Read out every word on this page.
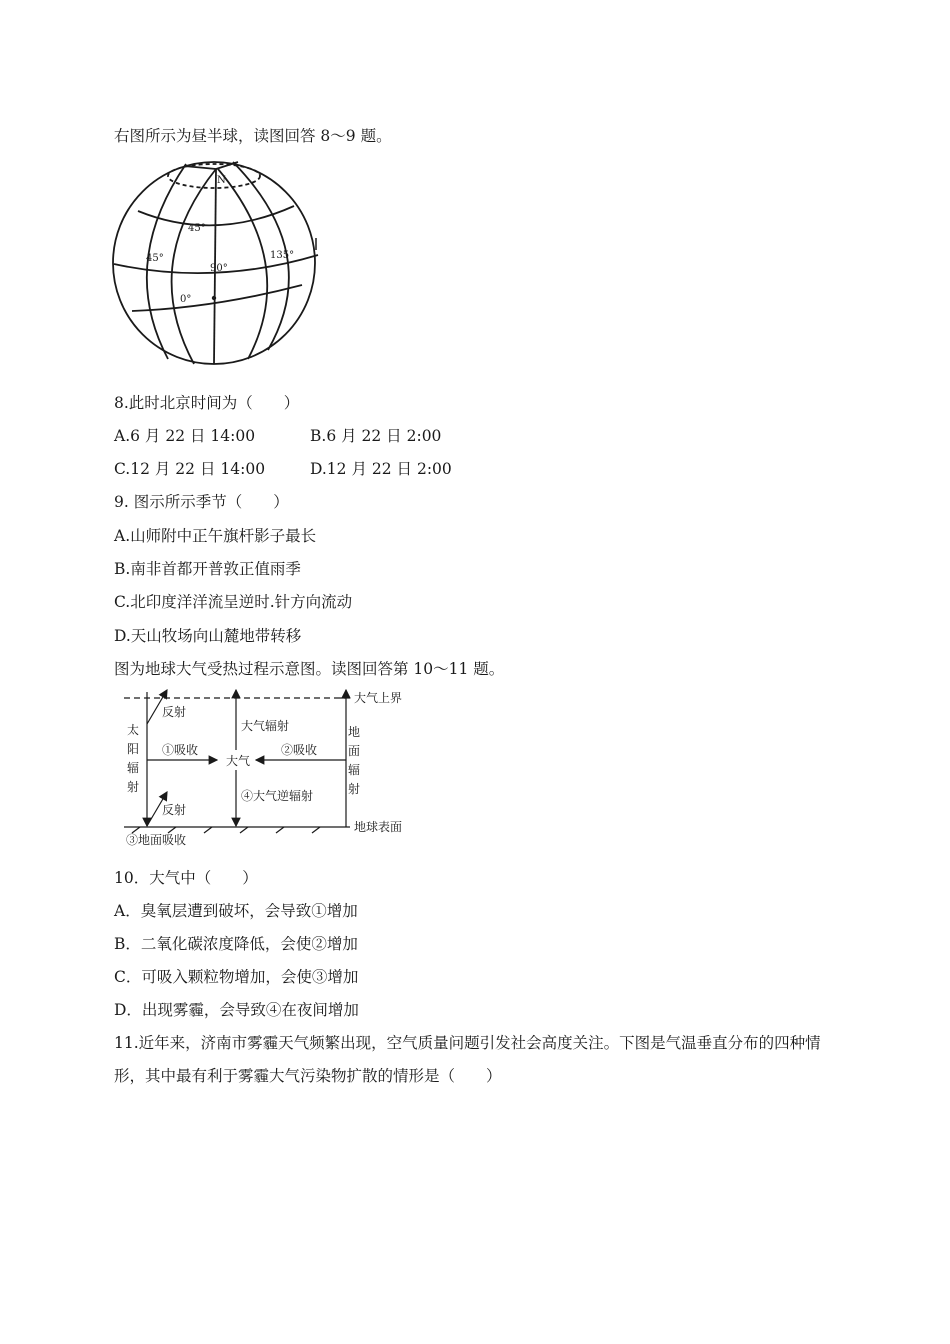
右图所示为昼半球，读图回答 8～9 题。
N
45°
45°
90°
135°
0°
8.此时北京时间为（　　）
A.6 月 22 日 14:00	B.6 月 22 日 2:00
C.12 月 22 日 14:00	D.12 月 22 日 2:00
9. 图示所示季节（　　）
A.山师附中正午旗杆影子最长
B.南非首都开普敦正值雨季
C.北印度洋洋流呈逆时.针方向流动
D.天山牧场向山麓地带转移
图为地球大气受热过程示意图。读图回答第 10～11 题。
大气上界
太
阳
辐
射
反射
大气辐射
①吸收
大气
②吸收
地
面
辐
射
反射
④大气逆辐射
③地面吸收
地球表面
10．大气中（　　）
A．臭氧层遭到破坏，会导致①增加
B．二氧化碳浓度降低，会使②增加
C．可吸入颗粒物增加，会使③增加
D．出现雾霾，会导致④在夜间增加
11.近年来，济南市雾霾天气频繁出现，空气质量问题引发社会高度关注。下图是气温垂直分布的四种情形，其中最有利于雾霾大气污染物扩散的情形是（　　）
